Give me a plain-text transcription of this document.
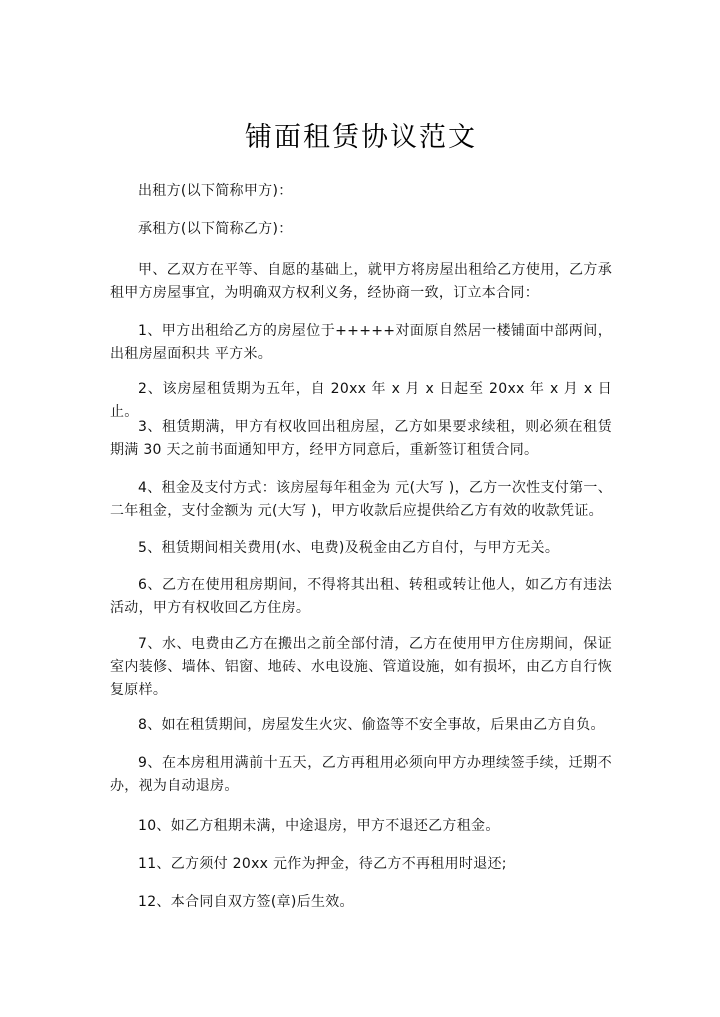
铺面租赁协议范文

出租方(以下简称甲方)：

承租方(以下简称乙方)：

甲、乙双方在平等、自愿的基础上，就甲方将房屋出租给乙方使用，乙方承租甲方房屋事宜，为明确双方权利义务，经协商一致，订立本合同：

1、甲方出租给乙方的房屋位于+++++对面原自然居一楼铺面中部两间，出租房屋面积共 平方米。

2、该房屋租赁期为五年，自 20xx 年 x 月 x 日起至 20xx 年 x 月 x 日止。

3、租赁期满，甲方有权收回出租房屋，乙方如果要求续租，则必须在租赁期满 30 天之前书面通知甲方，经甲方同意后，重新签订租赁合同。

4、租金及支付方式：该房屋每年租金为 元(大写 )，乙方一次性支付第一、二年租金，支付金额为 元(大写 )，甲方收款后应提供给乙方有效的收款凭证。

5、租赁期间相关费用(水、电费)及税金由乙方自付，与甲方无关。

6、乙方在使用租房期间，不得将其出租、转租或转让他人，如乙方有违法活动，甲方有权收回乙方住房。

7、水、电费由乙方在搬出之前全部付清，乙方在使用甲方住房期间，保证室内装修、墙体、铝窗、地砖、水电设施、管道设施，如有损坏，由乙方自行恢复原样。

8、如在租赁期间，房屋发生火灾、偷盗等不安全事故，后果由乙方自负。

9、在本房租用满前十五天，乙方再租用必须向甲方办理续签手续，迁期不办，视为自动退房。

10、如乙方租期未满，中途退房，甲方不退还乙方租金。

11、乙方须付 20xx 元作为押金，待乙方不再租用时退还;

12、本合同自双方签(章)后生效。
